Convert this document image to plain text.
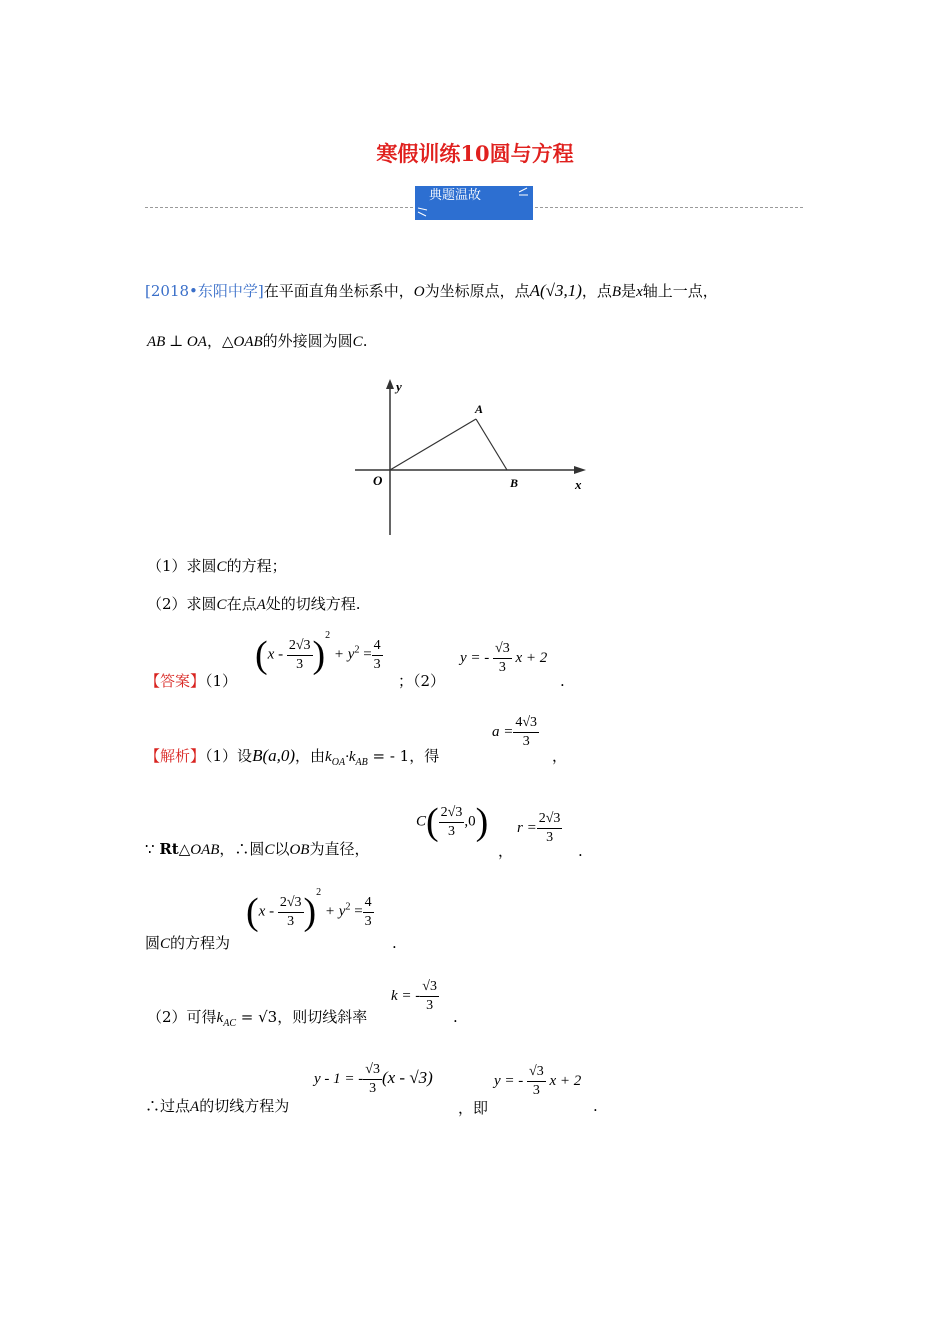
寒假训练10圆与方程
典题温故
[2018•东阳中学]在平面直角坐标系中，O为坐标原点，点A(√3,1)，点B是x轴上一点，
AB ⊥ OA，△OAB的外接圆为圆C.
y
x
O
A
B
（1）求圆C的方程；
（2）求圆C在点A处的切线方程.
【答案】（1）
$(x - \frac{2√3}{3} )^2 + y^2 = \frac{4}{3}$
；（2）
y = - $\frac{√3}{3}$ x + 2
.
【解析】（1）设B(a,0)，由$k_{OA}\cdot k_{AB}$ = - 1，得
$a = \frac{4√3}{3}$
，
∵ Rt△OAB，∴圆C以OB为直径，
$C( \frac{2√3}{3} ,0)$
，
$r = \frac{2√3}{3}$
.
圆C的方程为
$(x - \frac{2√3}{3} )^2 + y^2 = \frac{4}{3}$
.
（2）可得$k_{AC} = √3$，则切线斜率
k = - $\frac{√3}{3}$
.
∴过点A的切线方程为
y - 1 = - $\frac{√3}{3} (x - √3)$
，即
y = - $\frac{√3}{3}$ x + 2
.
